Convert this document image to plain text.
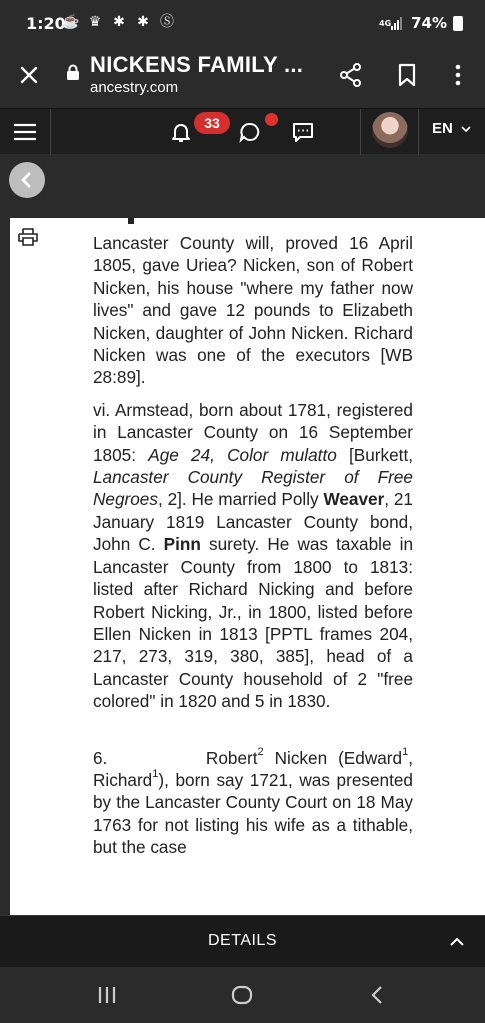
1:20
☕ ♛ ✱ ✱ Ⓢ	4G 74%
NICKENS FAMILY ...
ancestry.com
33	EN

Lancaster County will, proved 16 April 1805, gave Uriea? Nicken, son of Robert Nicken, his house "where my father now lives" and gave 12 pounds to Elizabeth Nicken, daughter of John Nicken. Richard Nicken was one of the executors [WB 28:89].

vi. Armstead, born about 1781, registered in Lancaster County on 16 September 1805: Age 24, Color mulatto [Burkett, Lancaster County Register of Free Negroes, 2]. He married Polly Weaver, 21 January 1819 Lancaster County bond, John C. Pinn surety. He was taxable in Lancaster County from 1800 to 1813: listed after Richard Nicking and before Robert Nicking, Jr., in 1800, listed before Ellen Nicken in 1813 [PPTL frames 204, 217, 273, 319, 380, 385], head of a Lancaster County household of 2 "free colored" in 1820 and 5 in 1830.

6.	Robert$^2$ Nicken (Edward$^1$, Richard$^1$), born say 1721, was presented by the Lancaster County Court on 18 May 1763 for not listing his wife as a tithable, but the case

DETAILS
